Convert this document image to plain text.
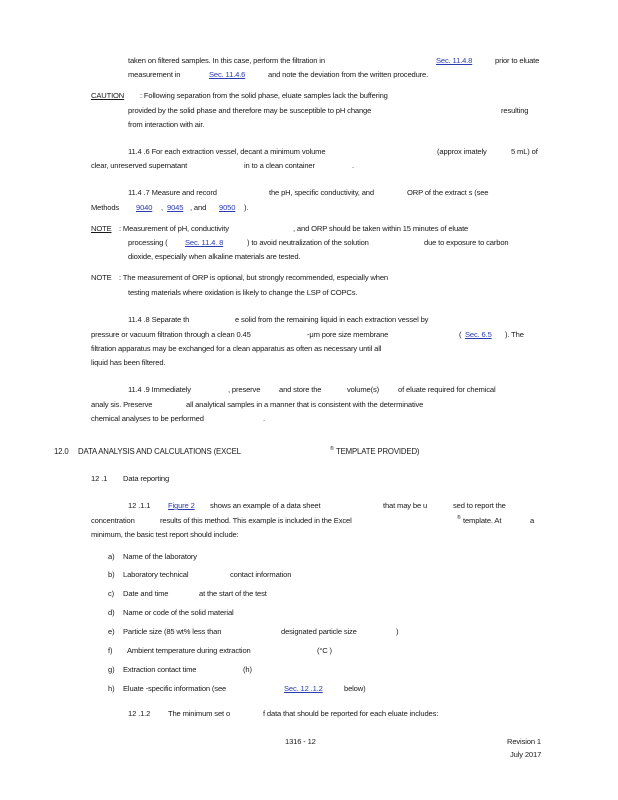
taken on filtered samples. In this case, perform the filtration in	Sec. 11.4.8	prior to eluate
measurement in	Sec. 11.4.6	and note the deviation from the written procedure.
CAUTION : Following separation from the solid phase, eluate samples lack the buffering
provided by the solid phase and therefore may be susceptible to pH change	resulting
from interaction with air.
11.4 .6 For each extraction vessel, decant a minimum volume	(approx imately	5 mL) of
clear, unreserved supernatant	in to a clean container	.
11.4 .7 Measure and record	the pH, specific conductivity, and	ORP of the extract s (see
Methods 9040 , 9045 , and 9050 ).
NOTE : Measurement of pH, conductivity	, and ORP should be taken within 15 minutes of eluate
processing ( Sec. 11.4. 8	) to avoid neutralization of the solution	due to exposure to carbon
dioxide, especially when alkaline materials are tested.
NOTE : The measurement of ORP is optional, but strongly recommended, especially when
testing materials where oxidation is likely to change the LSP of COPCs.
11.4 .8 Separate th	e solid from the remaining liquid in each extraction vessel by
pressure or vacuum filtration through a clean 0.45	-μm pore size membrane	( Sec. 6.5 ). The
filtration apparatus may be exchanged for a clean apparatus as often as necessary until all
liquid has been filtered.
11.4 .9 Immediately	, preserve and store the	volume(s)	of eluate required for chemical
analy sis. Preserve	all analytical samples in a manner that is consistent with the determinative
chemical analyses to be performed	.
12.0 DATA ANALYSIS AND CALCULATIONS (EXCEL	® TEMPLATE PROVIDED)
12 .1 Data reporting
12 .1.1 Figure 2 shows an example of a data sheet	that may be u	sed to report the
concentration	results of this method. This example is included in the Excel	® template. At	a
minimum, the basic test report should include:
a) Name of the laboratory
b) Laboratory technical	contact information
c) Date and time	at the start of the test
d) Name or code of the solid material
e) Particle size (85 wt% less than	designated particle size	)
f) Ambient temperature during extraction	(°C )
g) Extraction contact time	(h)
h) Eluate -specific information (see	Sec. 12 .1.2	below)
12 .1.2 The minimum set o	f data that should be reported for each eluate includes:
1316 - 12	Revision 1
July 2017
